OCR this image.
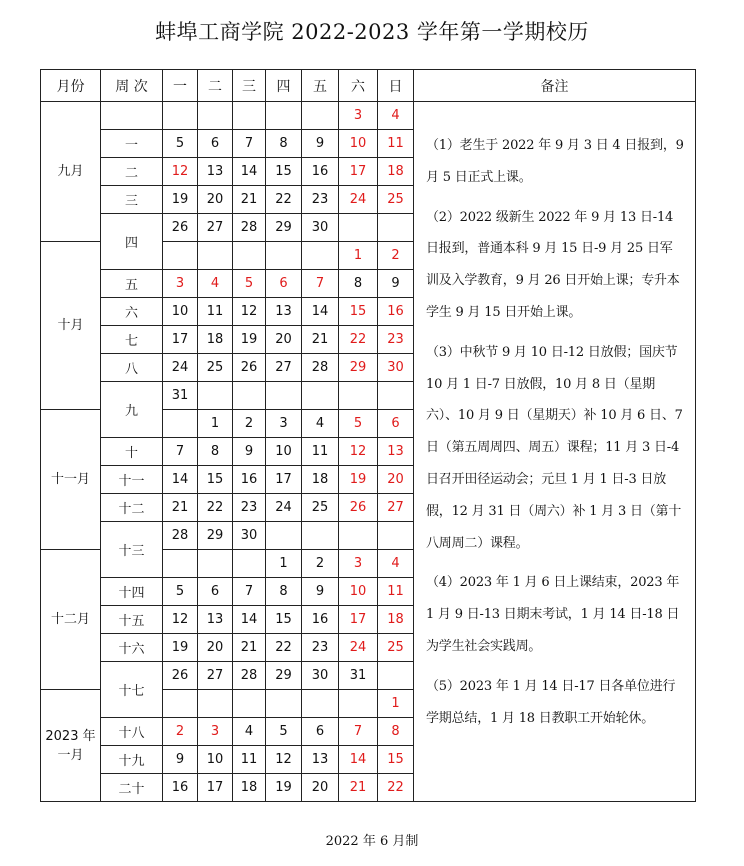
蚌埠工商学院 2022-2023 学年第一学期校历
月份	周 次	一	二	三	四	五	六	日	备注
九月							3	4	（1）老生于 2022 年 9 月 3 日 4 日报到，9 月 5 日正式上课。

（2）2022 级新生 2022 年 9 月 13 日-14 日报到，普通本科 9 月 15 日-9 月 25 日军训及入学教育，9 月 26 日开始上课；专升本学生 9 月 15 日开始上课。

（3）中秋节 9 月 10 日-12 日放假；国庆节 10 月 1 日-7 日放假，10 月 8 日（星期六）、10 月 9 日（星期天）补 10 月 6 日、7 日（第五周周四、周五）课程；11 月 3 日-4 日召开田径运动会；元旦 1 月 1 日-3 日放假，12 月 31 日（周六）补 1 月 3 日（第十八周周二）课程。

（4）2023 年 1 月 6 日上课结束，2023 年 1 月 9 日-13 日期末考试，1 月 14 日-18 日为学生社会实践周。

（5）2023 年 1 月 14 日-17 日各单位进行学期总结，1 月 18 日教职工开始轮休。

	一	5	6	7	8	9	10	11	
	二	12	13	14	15	16	17	18	
	三	19	20	21	22	23	24	25	
	四	26	27	28	29	30			
十月							1	2	
	五	3	4	5	6	7	8	9	
	六	10	11	12	13	14	15	16	
	七	17	18	19	20	21	22	23	
	八	24	25	26	27	28	29	30	
	九	31							
十一月			1	2	3	4	5	6	
	十	7	8	9	10	11	12	13	
	十一	14	15	16	17	18	19	20	
	十二	21	22	23	24	25	26	27	
	十三	28	29	30					
十二月					1	2	3	4	
	十四	5	6	7	8	9	10	11	
	十五	12	13	14	15	16	17	18	
	十六	19	20	21	22	23	24	25	
	十七	26	27	28	29	30	31		
2023 年
一月								1	
	十八	2	3	4	5	6	7	8	
	十九	9	10	11	12	13	14	15	
	二十	16	17	18	19	20	21	22	
2022 年 6 月制
